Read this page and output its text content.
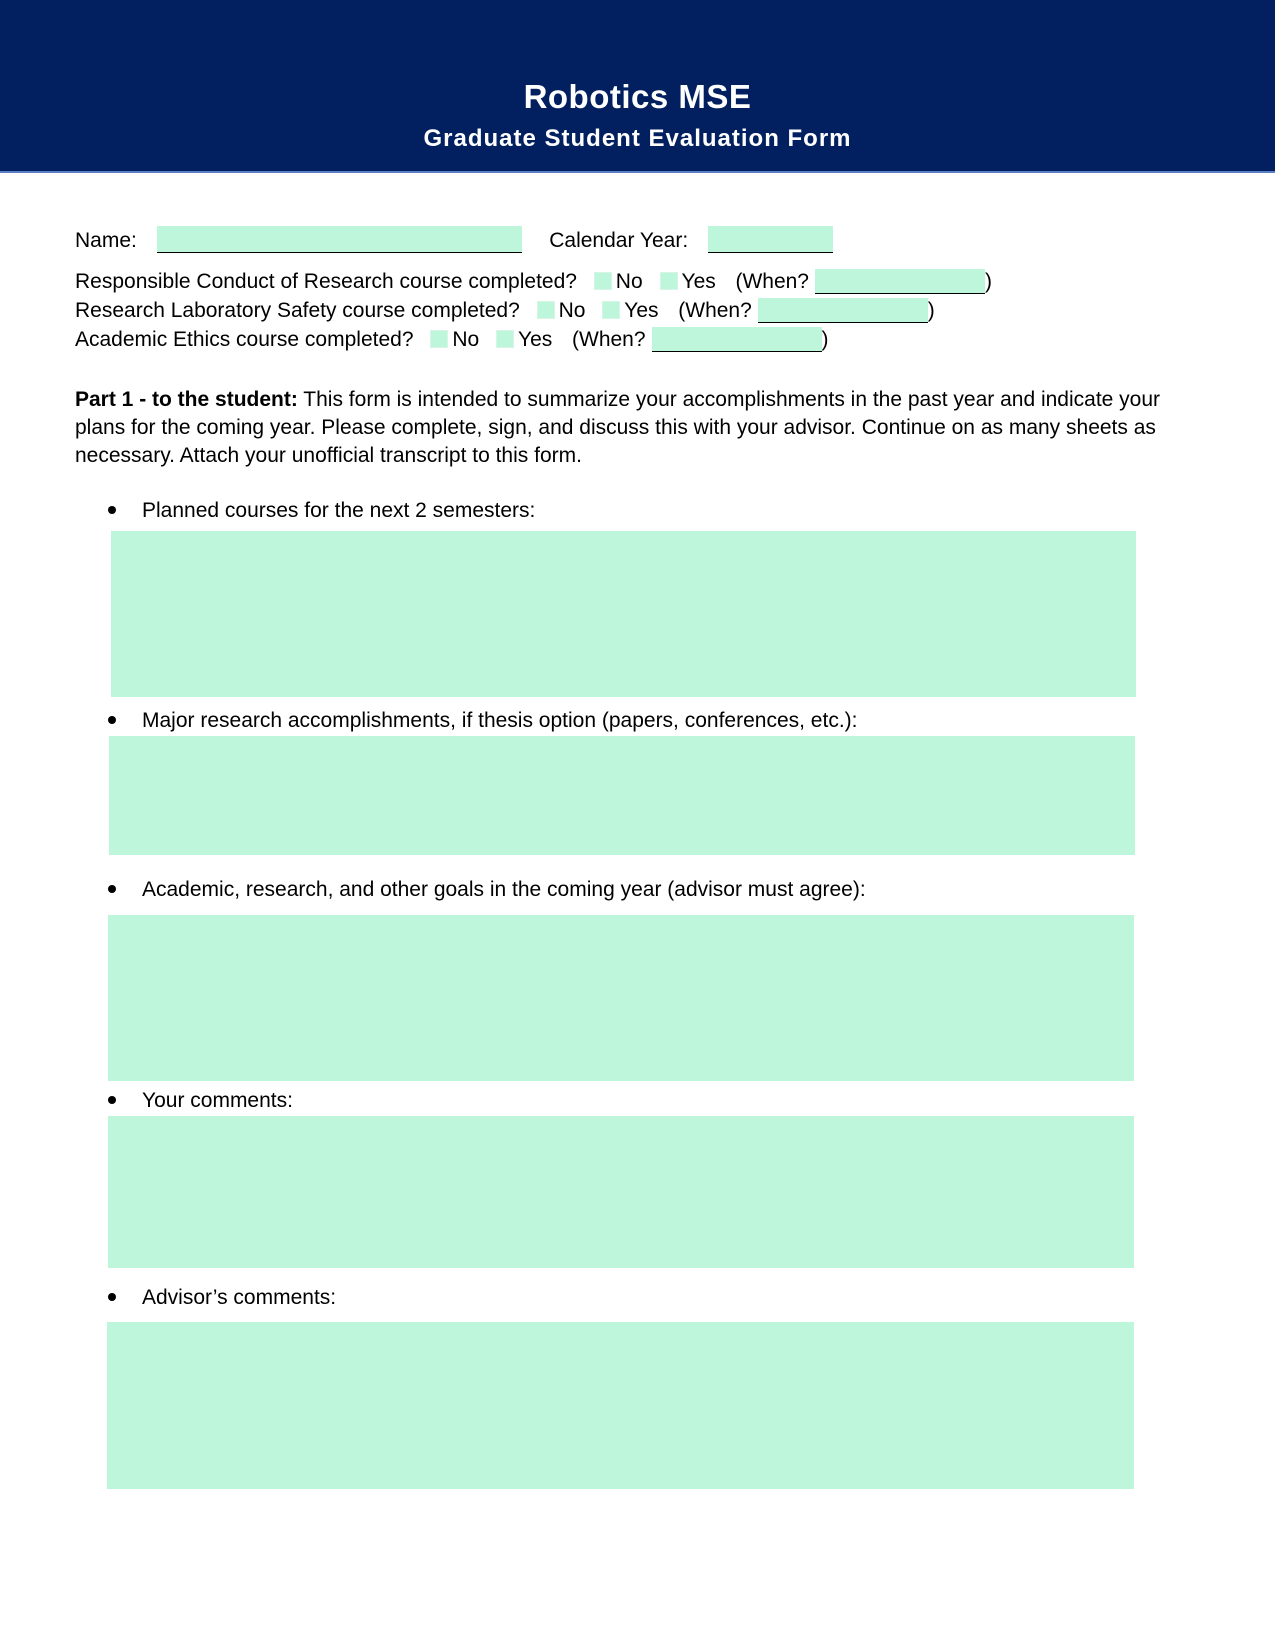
Robotics MSE
Graduate Student Evaluation Form
Name:	Calendar Year:
Responsible Conduct of Research course completed? No Yes (When?	)
Research Laboratory Safety course completed? No Yes (When?	)
Academic Ethics course completed? No Yes (When?	)
Part 1 - to the student: This form is intended to summarize your accomplishments in the past year and indicate your plans for the coming year. Please complete, sign, and discuss this with your advisor. Continue on as many sheets as necessary. Attach your unofficial transcript to this form.
Planned courses for the next 2 semesters:
Major research accomplishments, if thesis option (papers, conferences, etc.):
Academic, research, and other goals in the coming year (advisor must agree):
Your comments:
Advisor’s comments:
